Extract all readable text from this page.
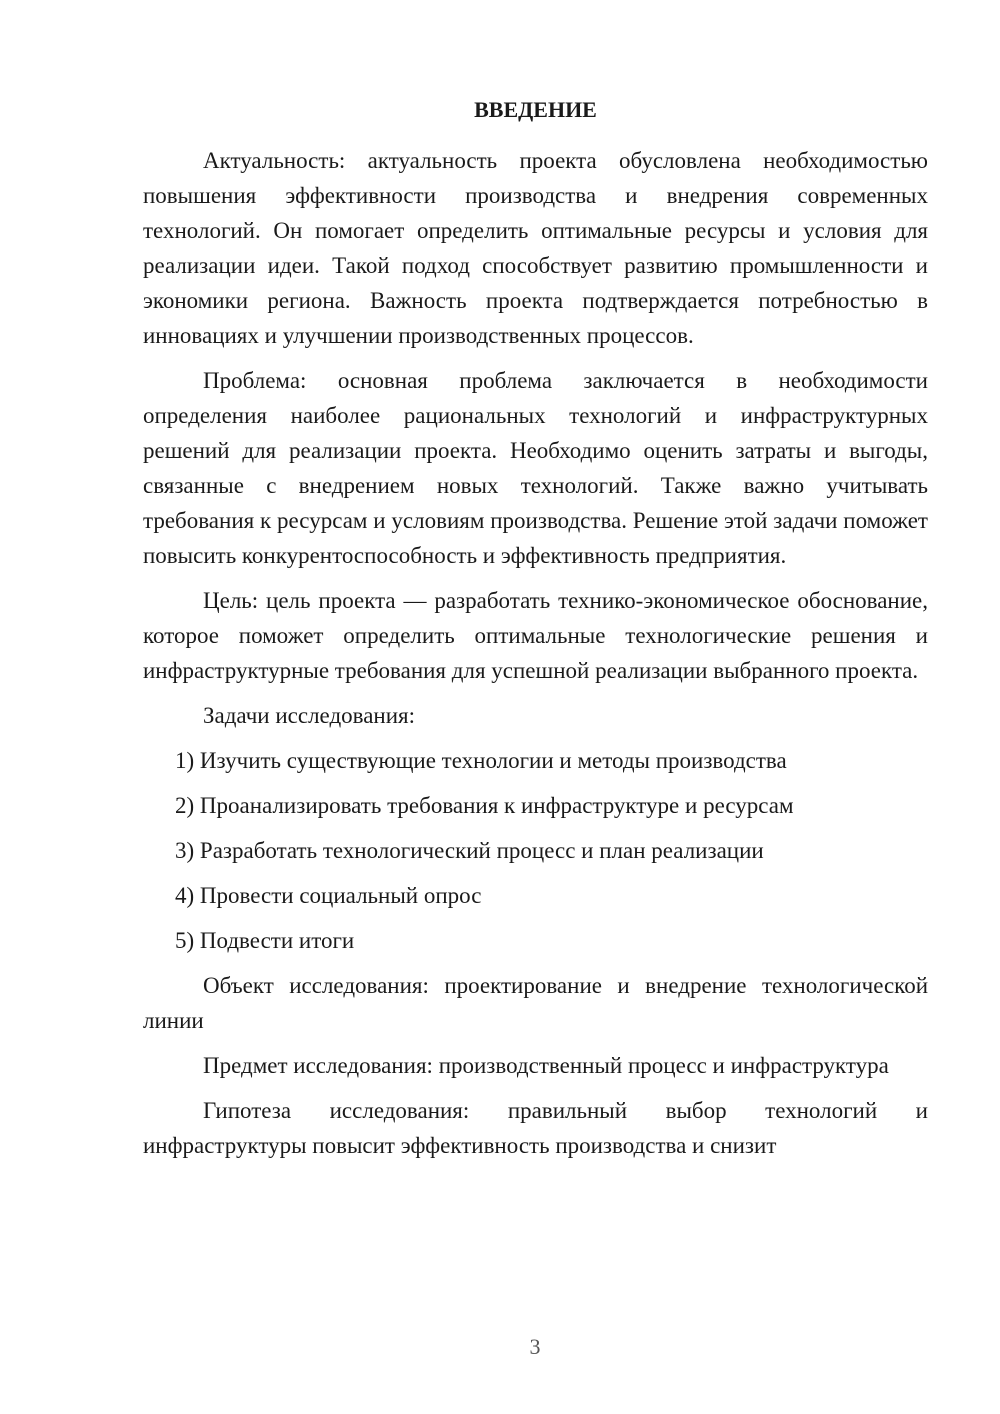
ВВЕДЕНИЕ

Актуальность: актуальность проекта обусловлена необходимостью повышения эффективности производства и внедрения современных технологий. Он помогает определить оптимальные ресурсы и условия для реализации идеи. Такой подход способствует развитию промышленности и экономики региона. Важность проекта подтверждается потребностью в инновациях и улучшении производственных процессов.

Проблема: основная проблема заключается в необходимости определения наиболее рациональных технологий и инфраструктурных решений для реализации проекта. Необходимо оценить затраты и выгоды, связанные с внедрением новых технологий. Также важно учитывать требования к ресурсам и условиям производства. Решение этой задачи поможет повысить конкурентоспособность и эффективность предприятия.

Цель: цель проекта — разработать технико-экономическое обоснование, которое поможет определить оптимальные технологические решения и инфраструктурные требования для успешной реализации выбранного проекта.

Задачи исследования:

1) Изучить существующие технологии и методы производства

2) Проанализировать требования к инфраструктуре и ресурсам

3) Разработать технологический процесс и план реализации

4) Провести социальный опрос

5) Подвести итоги

Объект исследования: проектирование и внедрение технологической линии

Предмет исследования: производственный процесс и инфраструктура

Гипотеза исследования: правильный выбор технологий и инфраструктуры повысит эффективность производства и снизит

3
